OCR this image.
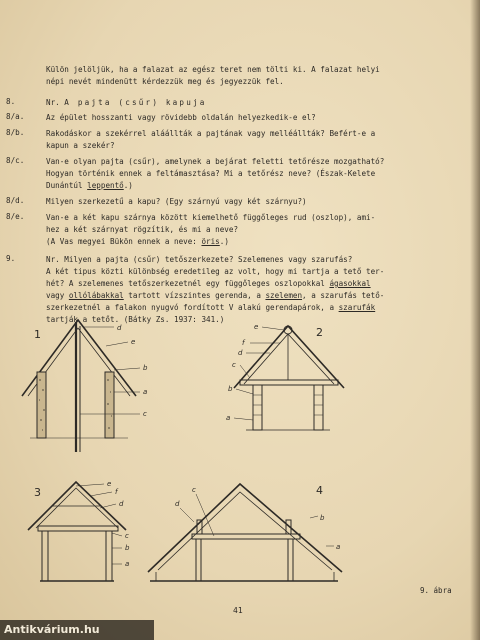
Külön jelöljük, ha a falazat az egész teret nem tölti ki. A falazat helyi
népi nevét mindenütt kérdezzük meg és jegyezzük fel.
8.	Nr. A pajta (csűr) kapuja
8/a.	Az épület hosszanti vagy rövidebb oldalán helyezkedik-e el?
8/b.	Rakodáskor a szekérrel aláállták a pajtának vagy melléállták? Befért-e a
kapun a szekér?
8/c.	Van-e olyan pajta (csűr), amelynek a bejárat feletti tetőrésze mozgatható?
Hogyan történik ennek a feltámasztása? Mi a tetőrész neve? (Észak-Kelete
Dunántúl leppentő.)
8/d.	Milyen szerkezetű a kapu? (Egy szárnyú vagy két szárnyu?)
8/e.	Van-e a két kapu szárnya között kiemelhető függőleges rud (oszlop), ami-
hez a két szárnyat rögzítik, és mi a neve?
(A Vas megyei Bükön ennek a neve: öris.)
9.	Nr. Milyen a pajta (csűr) tetőszerkezete? Szelemenes vagy szarufás?
A két tipus közti különbség eredetileg az volt, hogy mi tartja a tető ter-
hét? A szelemenes tetőszerkezetnél egy függőleges oszlopokkal ágasokkal
vagy ollólábakkal tartott vízszintes gerenda, a szelemen, a szarufás tető-
szerkezetnél a falakon nyugvó fordított V alakú gerendapárok, a szarufák
tartják a tetőt. (Bátky Zs. 1937: 341.)
1	d
e
b
a
c
2
e
f
d
c
b
a
3
e
f
d
c
b
a
4
d
c
b
a
9. ábra
41
Antikvárium.hu
